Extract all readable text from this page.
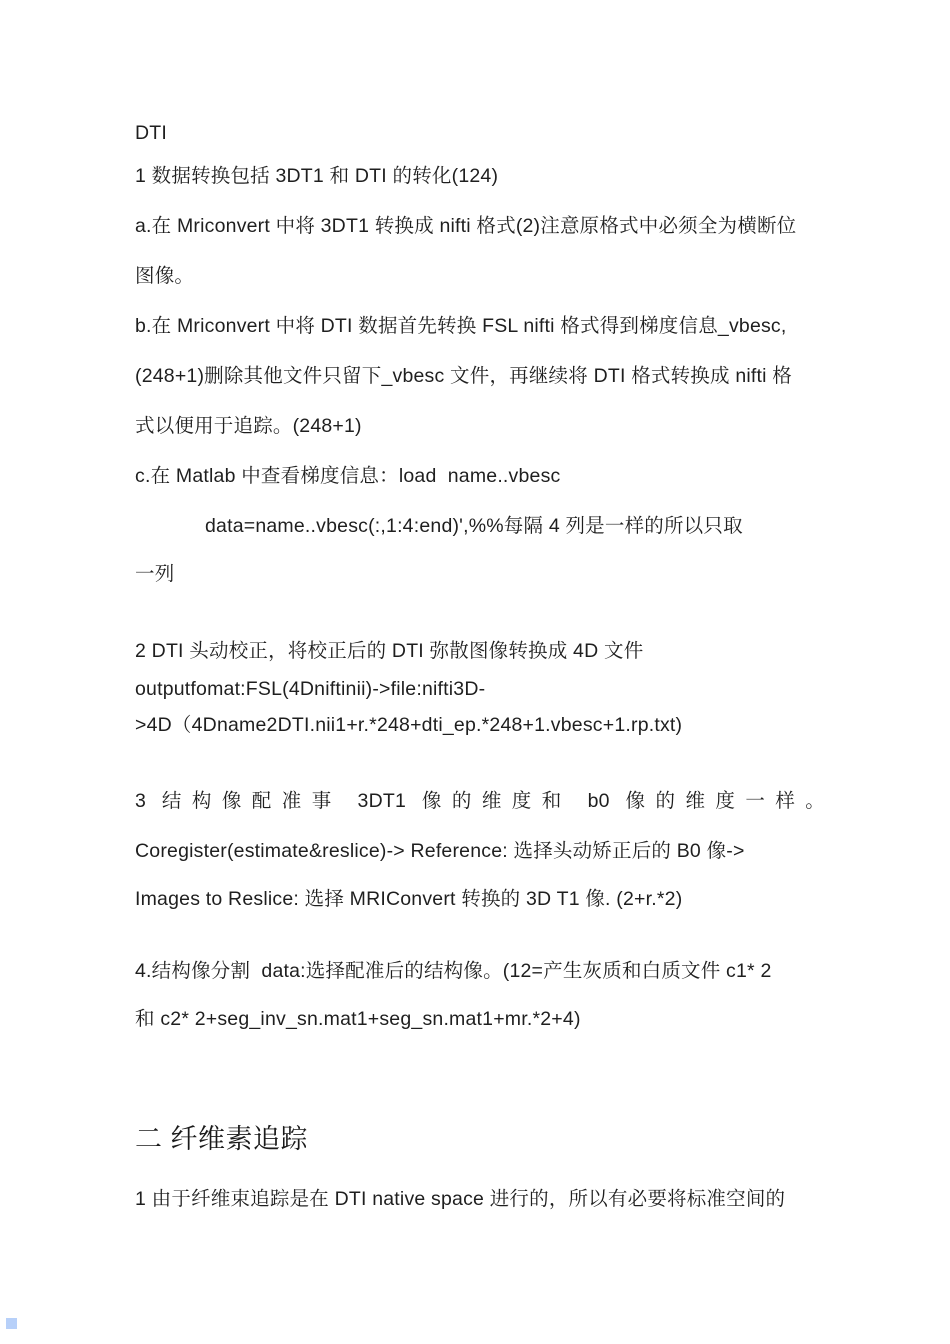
DTI
1 数据转换包括 3DT1 和 DTI 的转化(124)
a.在 Mriconvert 中将 3DT1 转换成 nifti 格式(2)注意原格式中必须全为横断位
图像。
b.在 Mriconvert 中将 DTI 数据首先转换 FSL nifti 格式得到梯度信息_vbesc,
(248+1)删除其他文件只留下_vbesc 文件，再继续将 DTI 格式转换成 nifti 格
式以便用于追踪。(248+1)
c.在 Matlab 中查看梯度信息：load  name..vbesc
data=name..vbesc(:,1:4:end)',%%每隔 4 列是一样的所以只取
一列
2 DTI 头动校正，将校正后的 DTI 弥散图像转换成 4D 文件
outputfomat:FSL(4Dniftinii)->file:nifti3D-
>4D（4Dname2DTI.nii1+r.*248+dti_ep.*248+1.vbesc+1.rp.txt)
3 结构像配准事 3DT1 像的维度和 b0 像的维度一样。
Coregister(estimate&reslice)-> Reference: 选择头动矫正后的 B0 像->
Images to Reslice: 选择 MRIConvert 转换的 3D T1 像. (2+r.*2)
4.结构像分割  data:选择配准后的结构像。(12=产生灰质和白质文件 c1* 2
和 c2* 2+seg_inv_sn.mat1+seg_sn.mat1+mr.*2+4)
二 纤维素追踪
1 由于纤维束追踪是在 DTI native space 进行的，所以有必要将标准空间的
